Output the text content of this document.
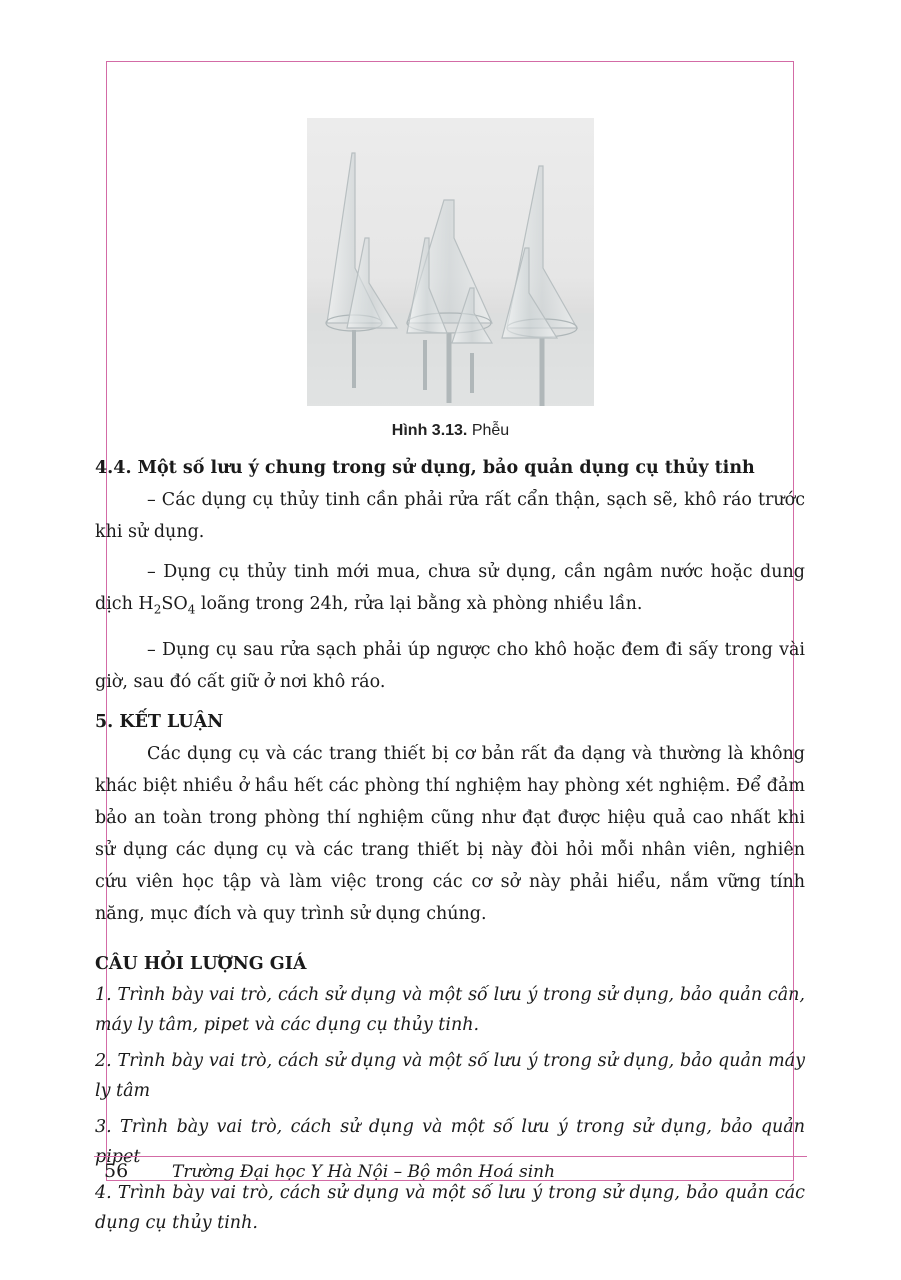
Hình 3.13. Phễu

4.4. Một số lưu ý chung trong sử dụng, bảo quản dụng cụ thủy tinh

– Các dụng cụ thủy tinh cần phải rửa rất cẩn thận, sạch sẽ, khô ráo trước khi sử dụng.

– Dụng cụ thủy tinh mới mua, chưa sử dụng, cần ngâm nước hoặc dung dịch $H_2SO_4$ loãng trong 24h, rửa lại bằng xà phòng nhiều lần.

– Dụng cụ sau rửa sạch phải úp ngược cho khô hoặc đem đi sấy trong vài giờ, sau đó cất giữ ở nơi khô ráo.

5. KẾT LUẬN

Các dụng cụ và các trang thiết bị cơ bản rất đa dạng và thường là không khác biệt nhiều ở hầu hết các phòng thí nghiệm hay phòng xét nghiệm. Để đảm bảo an toàn trong phòng thí nghiệm cũng như đạt được hiệu quả cao nhất khi sử dụng các dụng cụ và các trang thiết bị này đòi hỏi mỗi nhân viên, nghiên cứu viên học tập và làm việc trong các cơ sở này phải hiểu, nắm vững tính năng, mục đích và quy trình sử dụng chúng.

CÂU HỎI LƯỢNG GIÁ

1. Trình bày vai trò, cách sử dụng và một số lưu ý trong sử dụng, bảo quản cân, máy ly tâm, pipet và các dụng cụ thủy tinh.

2. Trình bày vai trò, cách sử dụng và một số lưu ý trong sử dụng, bảo quản máy ly tâm

3. Trình bày vai trò, cách sử dụng và một số lưu ý trong sử dụng, bảo quản pipet

4. Trình bày vai trò, cách sử dụng và một số lưu ý trong sử dụng, bảo quản các dụng cụ thủy tinh.

56	Trường Đại học Y Hà Nội – Bộ môn Hoá sinh
